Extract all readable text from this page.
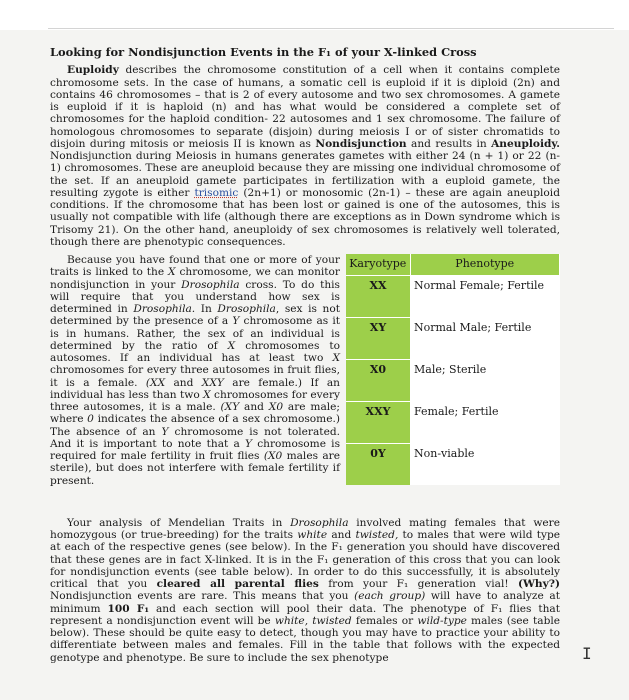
Looking for Nondisjunction Events in the F₁ of your X-linked Cross

Euploidy describes the chromosome constitution of a cell when it contains complete chromosome sets. In the case of humans, a somatic cell is euploid if it is diploid (2n) and contains 46 chromosomes – that is 2 of every autosome and two sex chromosomes. A gamete is euploid if it is haploid (n) and has what would be considered a complete set of chromosomes for the haploid condition- 22 autosomes and 1 sex chromosome. The failure of homologous chromosomes to separate (disjoin) during meiosis I or of sister chromatids to disjoin during mitosis or meiosis II is known as Nondisjunction and results in Aneuploidy. Nondisjunction during Meiosis in humans generates gametes with either 24 (n + 1) or 22 (n-1) chromosomes. These are aneuploid because they are missing one individual chromosome of the set. If an aneuploid gamete participates in fertilization with a euploid gamete, the resulting zygote is either trisomic (2n+1) or monosomic (2n-1) – these are again aneuploid conditions. If the chromosome that has been lost or gained is one of the autosomes, this is usually not compatible with life (although there are exceptions as in Down syndrome which is Trisomy 21). On the other hand, aneuploidy of sex chromosomes is relatively well tolerated, though there are phenotypic consequences.

Karyotype	Phenotype
XX	Normal Female; Fertile
XY	Normal Male; Fertile
X0	Male; Sterile
XXY	Female; Fertile
0Y	Non-viable

Because you have found that one or more of your traits is linked to the X chromosome, we can monitor nondisjunction in your Drosophila cross. To do this will require that you understand how sex is determined in Drosophila. In Drosophila, sex is not determined by the presence of a Y chromosome as it is in humans. Rather, the sex of an individual is determined by the ratio of X chromosomes to autosomes. If an individual has at least two X chromosomes for every three autosomes in fruit flies, it is a female. (XX and XXY are female.) If an individual has less than two X chromosomes for every three autosomes, it is a male. (XY and X0 are male; where 0 indicates the absence of a sex chromosome.) The absence of an Y chromosome is not tolerated. And it is important to note that a Y chromosome is required for male fertility in fruit flies (X0 males are sterile), but does not interfere with female fertility if present.

Your analysis of Mendelian Traits in Drosophila involved mating females that were homozygous (or true-breeding) for the traits white and twisted, to males that were wild type at each of the respective genes (see below). In the F₁ generation you should have discovered that these genes are in fact X-linked. It is in the F₁ generation of this cross that you can look for nondisjunction events (see table below). In order to do this successfully, it is absolutely critical that you cleared all parental flies from your F₁ generation vial! (Why?) Nondisjunction events are rare. This means that you (each group) will have to analyze at minimum 100 F₁ and each section will pool their data. The phenotype of F₁ flies that represent a nondisjunction event will be white, twisted females or wild-type males (see table below). These should be quite easy to detect, though you may have to practice your ability to differentiate between males and females. Fill in the table that follows with the expected genotype and phenotype. Be sure to include the sex phenotype	I
